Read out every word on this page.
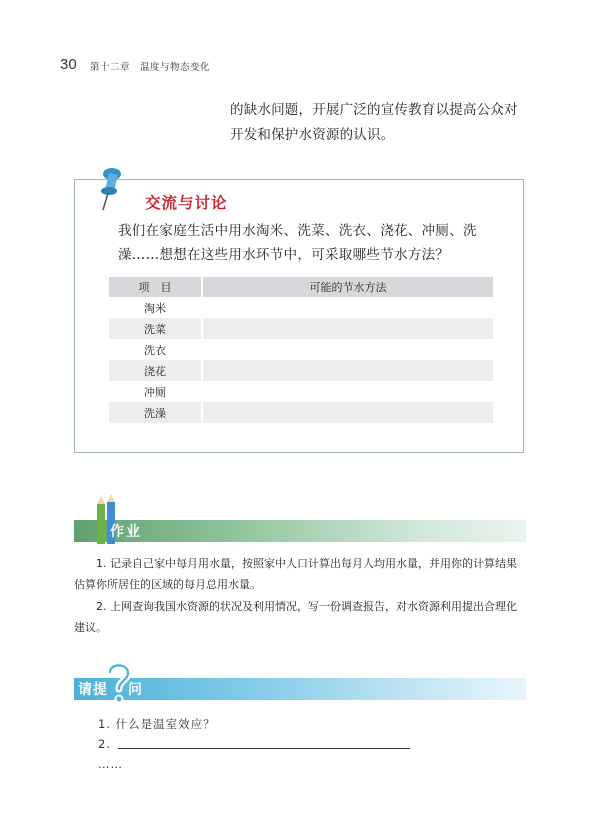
30 第十二章　温度与物态变化
的缺水问题，开展广泛的宣传教育以提高公众对开发和保护水资源的认识。
交流与讨论
我们在家庭生活中用水淘米、洗菜、洗衣、浇花、冲厕、洗澡……想想在这些用水环节中，可采取哪些节水方法？
项　目	可能的节水方法
淘米	
洗菜	
洗衣	
浇花	
冲厕	
洗澡	
作业
1. 记录自己家中每月用水量，按照家中人口计算出每月人均用水量，并用你的计算结果估算你所居住的区域的每月总用水量。
2. 上网查询我国水资源的状况及利用情况，写一份调查报告，对水资源利用提出合理化建议。
请提 问
1. 什么是温室效应？
2.
……
